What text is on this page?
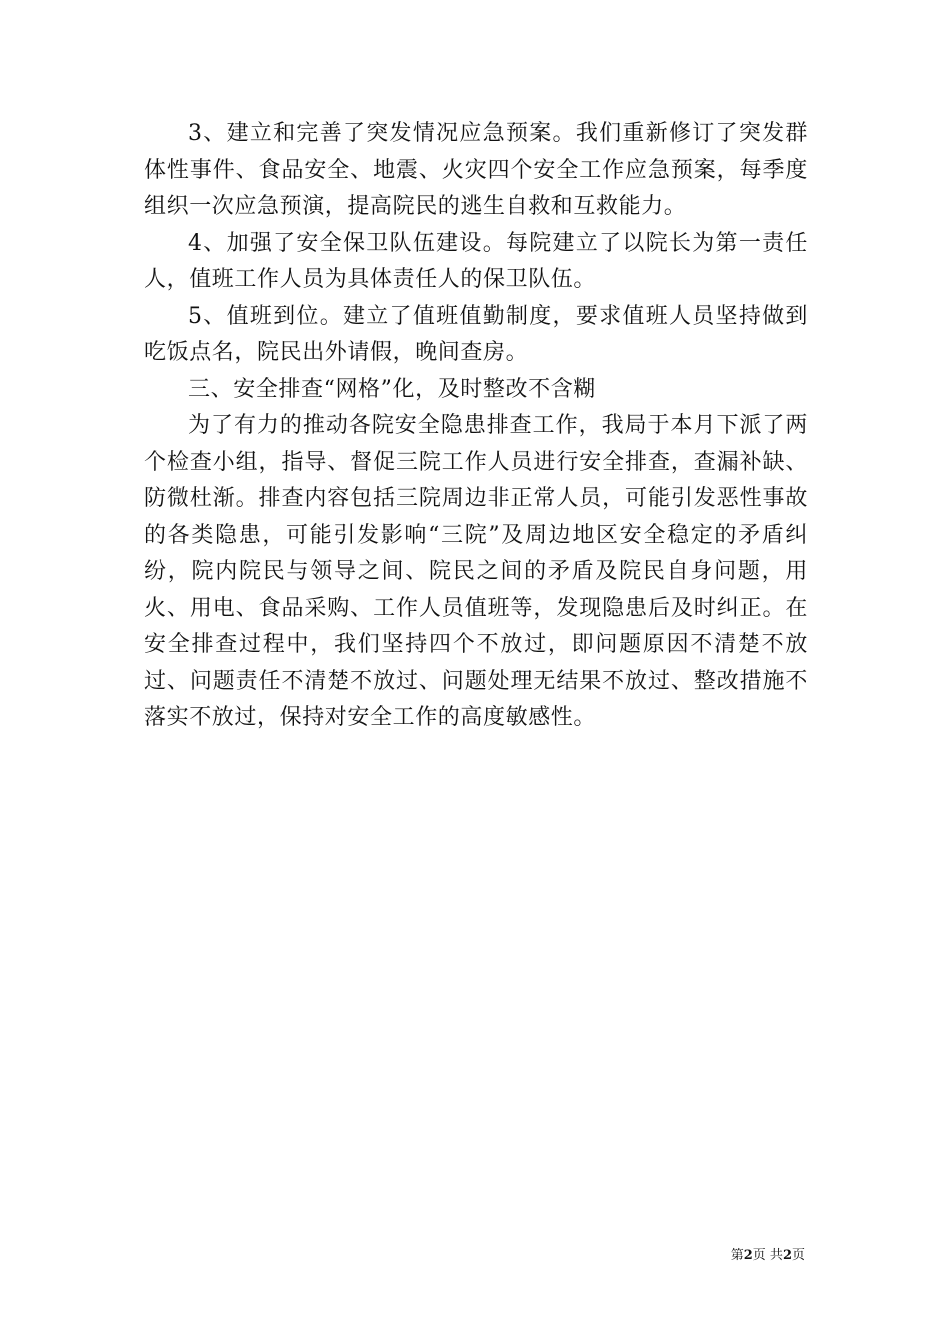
3、建立和完善了突发情况应急预案。我们重新修订了突发群体性事件、食品安全、地震、火灾四个安全工作应急预案，每季度组织一次应急预演，提高院民的逃生自救和互救能力。

4、加强了安全保卫队伍建设。每院建立了以院长为第一责任人，值班工作人员为具体责任人的保卫队伍。

5、值班到位。建立了值班值勤制度，要求值班人员坚持做到吃饭点名，院民出外请假，晚间查房。

三、安全排查“网格”化，及时整改不含糊

为了有力的推动各院安全隐患排查工作，我局于本月下派了两个检查小组，指导、督促三院工作人员进行安全排查，查漏补缺、防微杜渐。排查内容包括三院周边非正常人员，可能引发恶性事故的各类隐患，可能引发影响“三院”及周边地区安全稳定的矛盾纠纷，院内院民与领导之间、院民之间的矛盾及院民自身问题，用火、用电、食品采购、工作人员值班等，发现隐患后及时纠正。在安全排查过程中，我们坚持四个不放过，即问题原因不清楚不放过、问题责任不清楚不放过、问题处理无结果不放过、整改措施不落实不放过，保持对安全工作的高度敏感性。

第2页 共2页
